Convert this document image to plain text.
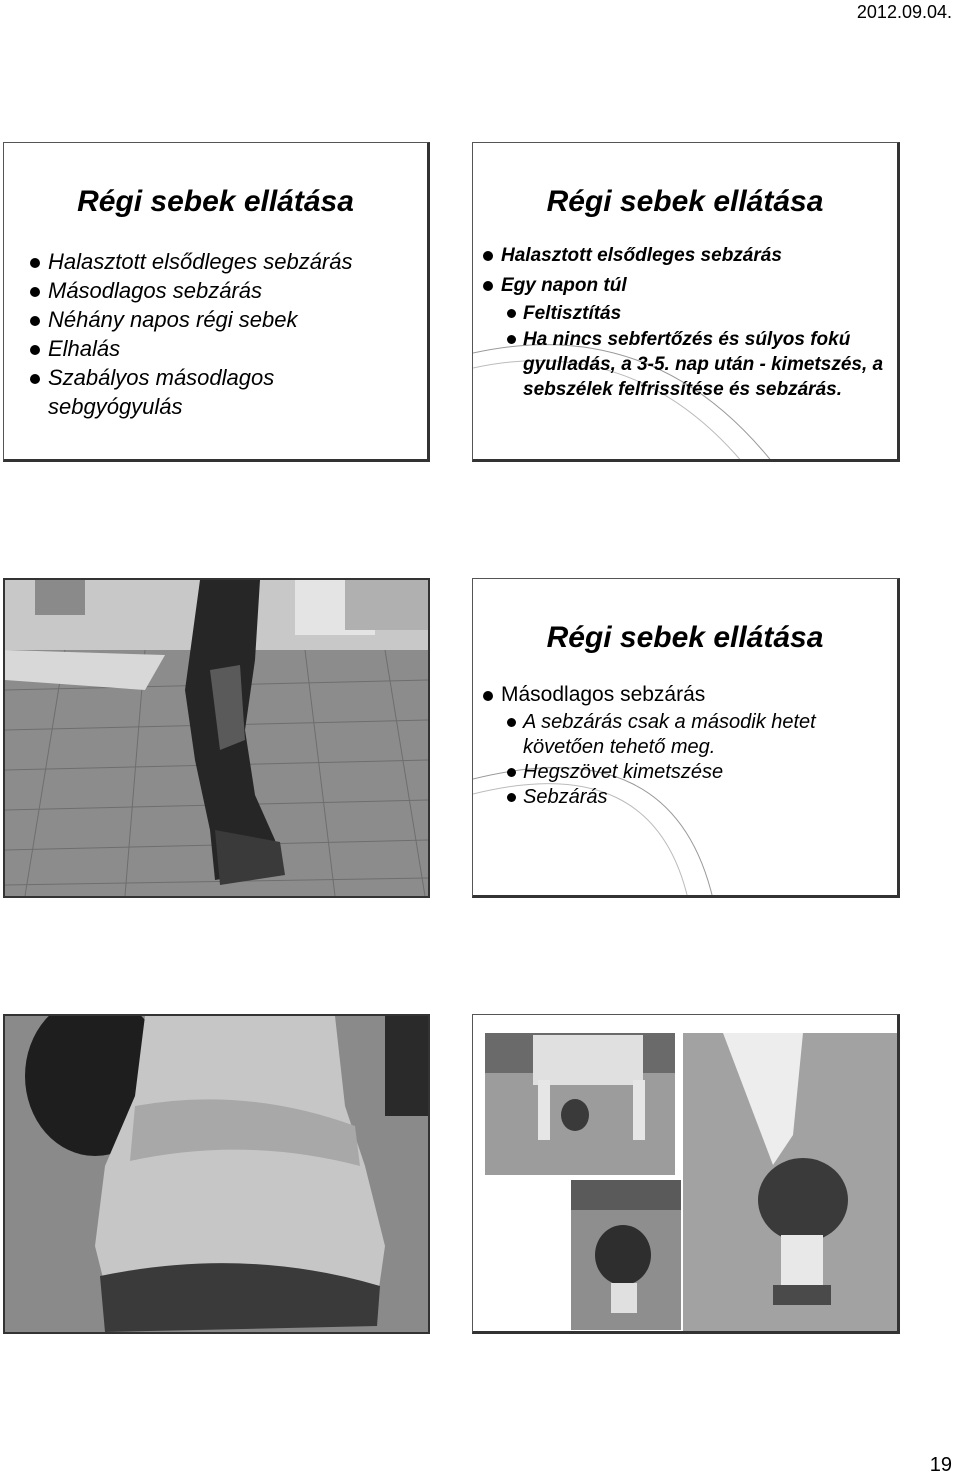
2012.09.04.
Régi sebek ellátása
Halasztott elsődleges sebzárás
Másodlagos sebzárás
Néhány napos régi sebek
Elhalás
Szabályos másodlagos sebgyógyulás
Régi sebek ellátása
Halasztott elsődleges sebzárás
Egy napon túl
Feltisztítás
Ha nincs sebfertőzés és súlyos fokú gyulladás, a 3-5. nap után - kimetszés, a sebszélek felfrissítése és sebzárás.
Régi sebek ellátása
Másodlagos sebzárás
A sebzárás csak a második hetet követően tehető meg.
Hegszövet kimetszése
Sebzárás
19
